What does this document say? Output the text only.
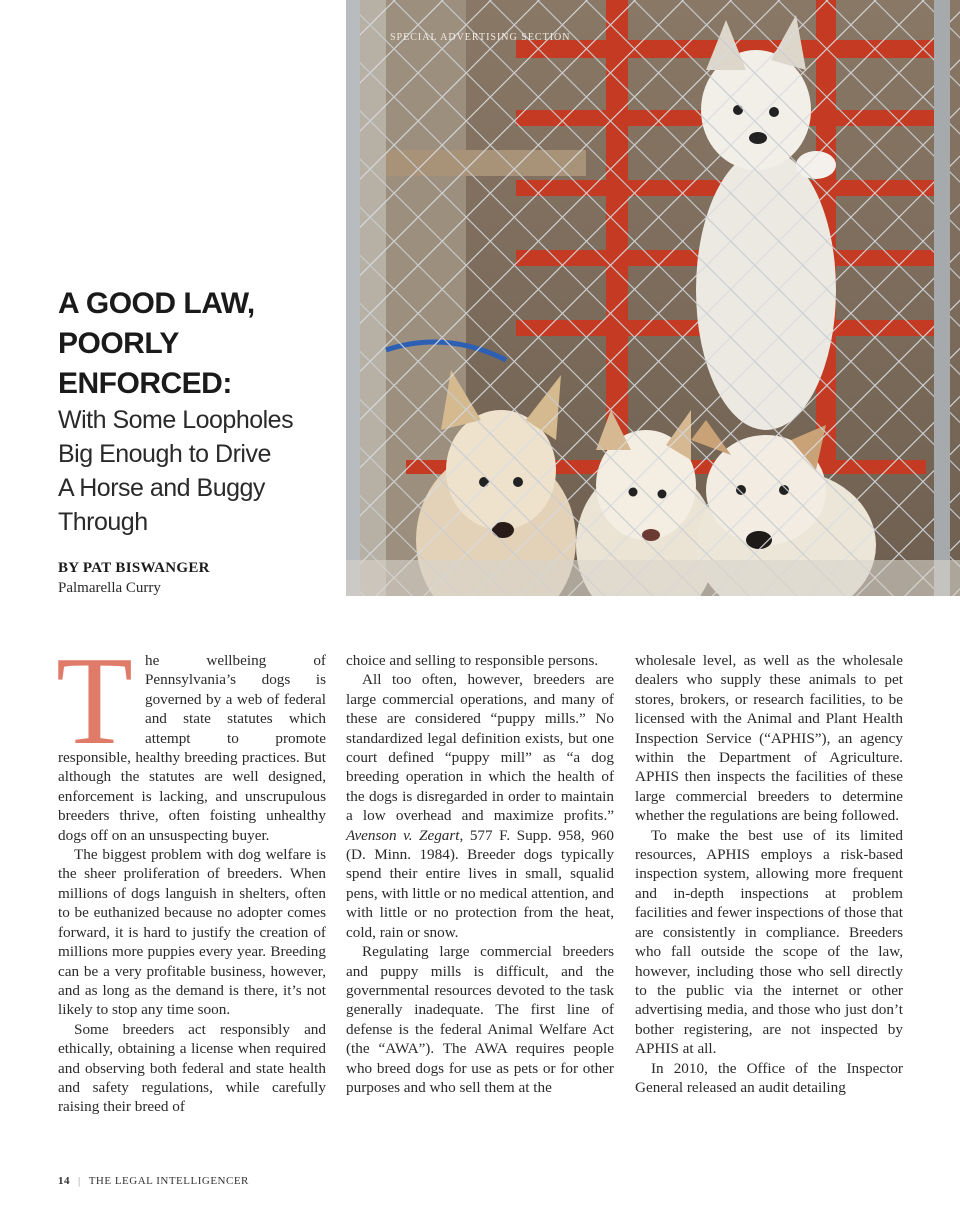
SPECIAL ADVERTISING SECTION
A GOOD LAW,
POORLY
ENFORCED:
With Some Loopholes
Big Enough to Drive
A Horse and Buggy
Through
BY PAT BISWANGER
Palmarella Curry

The wellbeing of Pennsylvania’s dogs is governed by a web of federal and state statutes which attempt to promote responsible, healthy breeding practices. But although the statutes are well designed, enforcement is lacking, and unscrupulous breeders thrive, often foisting unhealthy dogs off on an unsuspecting buyer.

The biggest problem with dog welfare is the sheer proliferation of breeders. When millions of dogs languish in shelters, often to be euthanized because no adopter comes forward, it is hard to justify the creation of millions more puppies every year. Breeding can be a very profitable business, however, and as long as the demand is there, it’s not likely to stop any time soon.

Some breeders act responsibly and ethically, obtaining a license when required and observing both federal and state health and safety regulations, while carefully raising their breed of

choice and selling to responsible persons.

All too often, however, breeders are large commercial operations, and many of these are considered “puppy mills.” No standardized legal definition exists, but one court defined “puppy mill” as “a dog breeding operation in which the health of the dogs is disregarded in order to maintain a low overhead and maximize profits.” Avenson v. Zegart, 577 F. Supp. 958, 960 (D. Minn. 1984). Breeder dogs typically spend their entire lives in small, squalid pens, with little or no medical attention, and with little or no protection from the heat, cold, rain or snow.

Regulating large commercial breeders and puppy mills is difficult, and the governmental resources devoted to the task generally inadequate. The first line of defense is the federal Animal Welfare Act (the “AWA”). The AWA requires people who breed dogs for use as pets or for other purposes and who sell them at the

wholesale level, as well as the wholesale dealers who supply these animals to pet stores, brokers, or research facilities, to be licensed with the Animal and Plant Health Inspection Service (“APHIS”), an agency within the Department of Agriculture. APHIS then inspects the facilities of these large commercial breeders to determine whether the regulations are being followed.

To make the best use of its limited resources, APHIS employs a risk-based inspection system, allowing more frequent and in-depth inspections at problem facilities and fewer inspections of those that are consistently in compliance. Breeders who fall outside the scope of the law, however, including those who sell directly to the public via the internet or other advertising media, and those who just don’t bother registering, are not inspected by APHIS at all.

In 2010, the Office of the Inspector General released an audit detailing

14 | THE LEGAL INTELLIGENCER
